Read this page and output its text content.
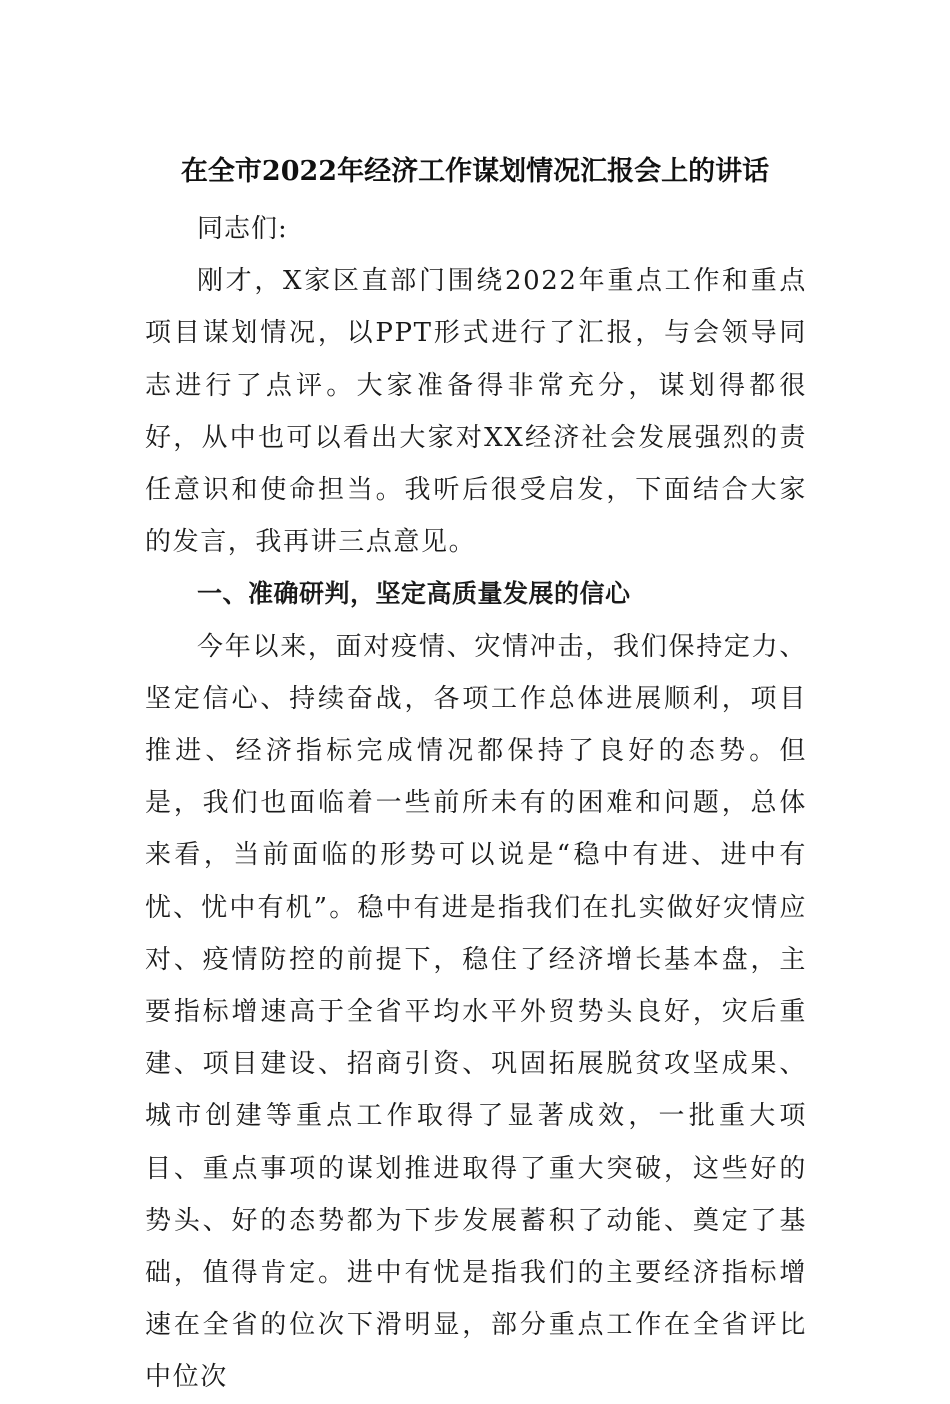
在全市2022年经济工作谋划情况汇报会上的讲话

同志们:

刚才，X家区直部门围绕2022年重点工作和重点项目谋划情况，以PPT形式进行了汇报，与会领导同志进行了点评。大家准备得非常充分，谋划得都很好，从中也可以看出大家对XX经济社会发展强烈的责任意识和使命担当。我听后很受启发，下面结合大家的发言，我再讲三点意见。

一、准确研判，坚定高质量发展的信心

今年以来，面对疫情、灾情冲击，我们保持定力、坚定信心、持续奋战，各项工作总体进展顺利，项目推进、经济指标完成情况都保持了良好的态势。但是，我们也面临着一些前所未有的困难和问题，总体来看，当前面临的形势可以说是“稳中有进、进中有忧、忧中有机”。稳中有进是指我们在扎实做好灾情应对、疫情防控的前提下，稳住了经济增长基本盘，主要指标增速高于全省平均水平外贸势头良好，灾后重建、项目建设、招商引资、巩固拓展脱贫攻坚成果、城市创建等重点工作取得了显著成效，一批重大项目、重点事项的谋划推进取得了重大突破，这些好的势头、好的态势都为下步发展蓄积了动能、奠定了基础，值得肯定。进中有忧是指我们的主要经济指标增速在全省的位次下滑明显，部分重点工作在全省评比中位次
